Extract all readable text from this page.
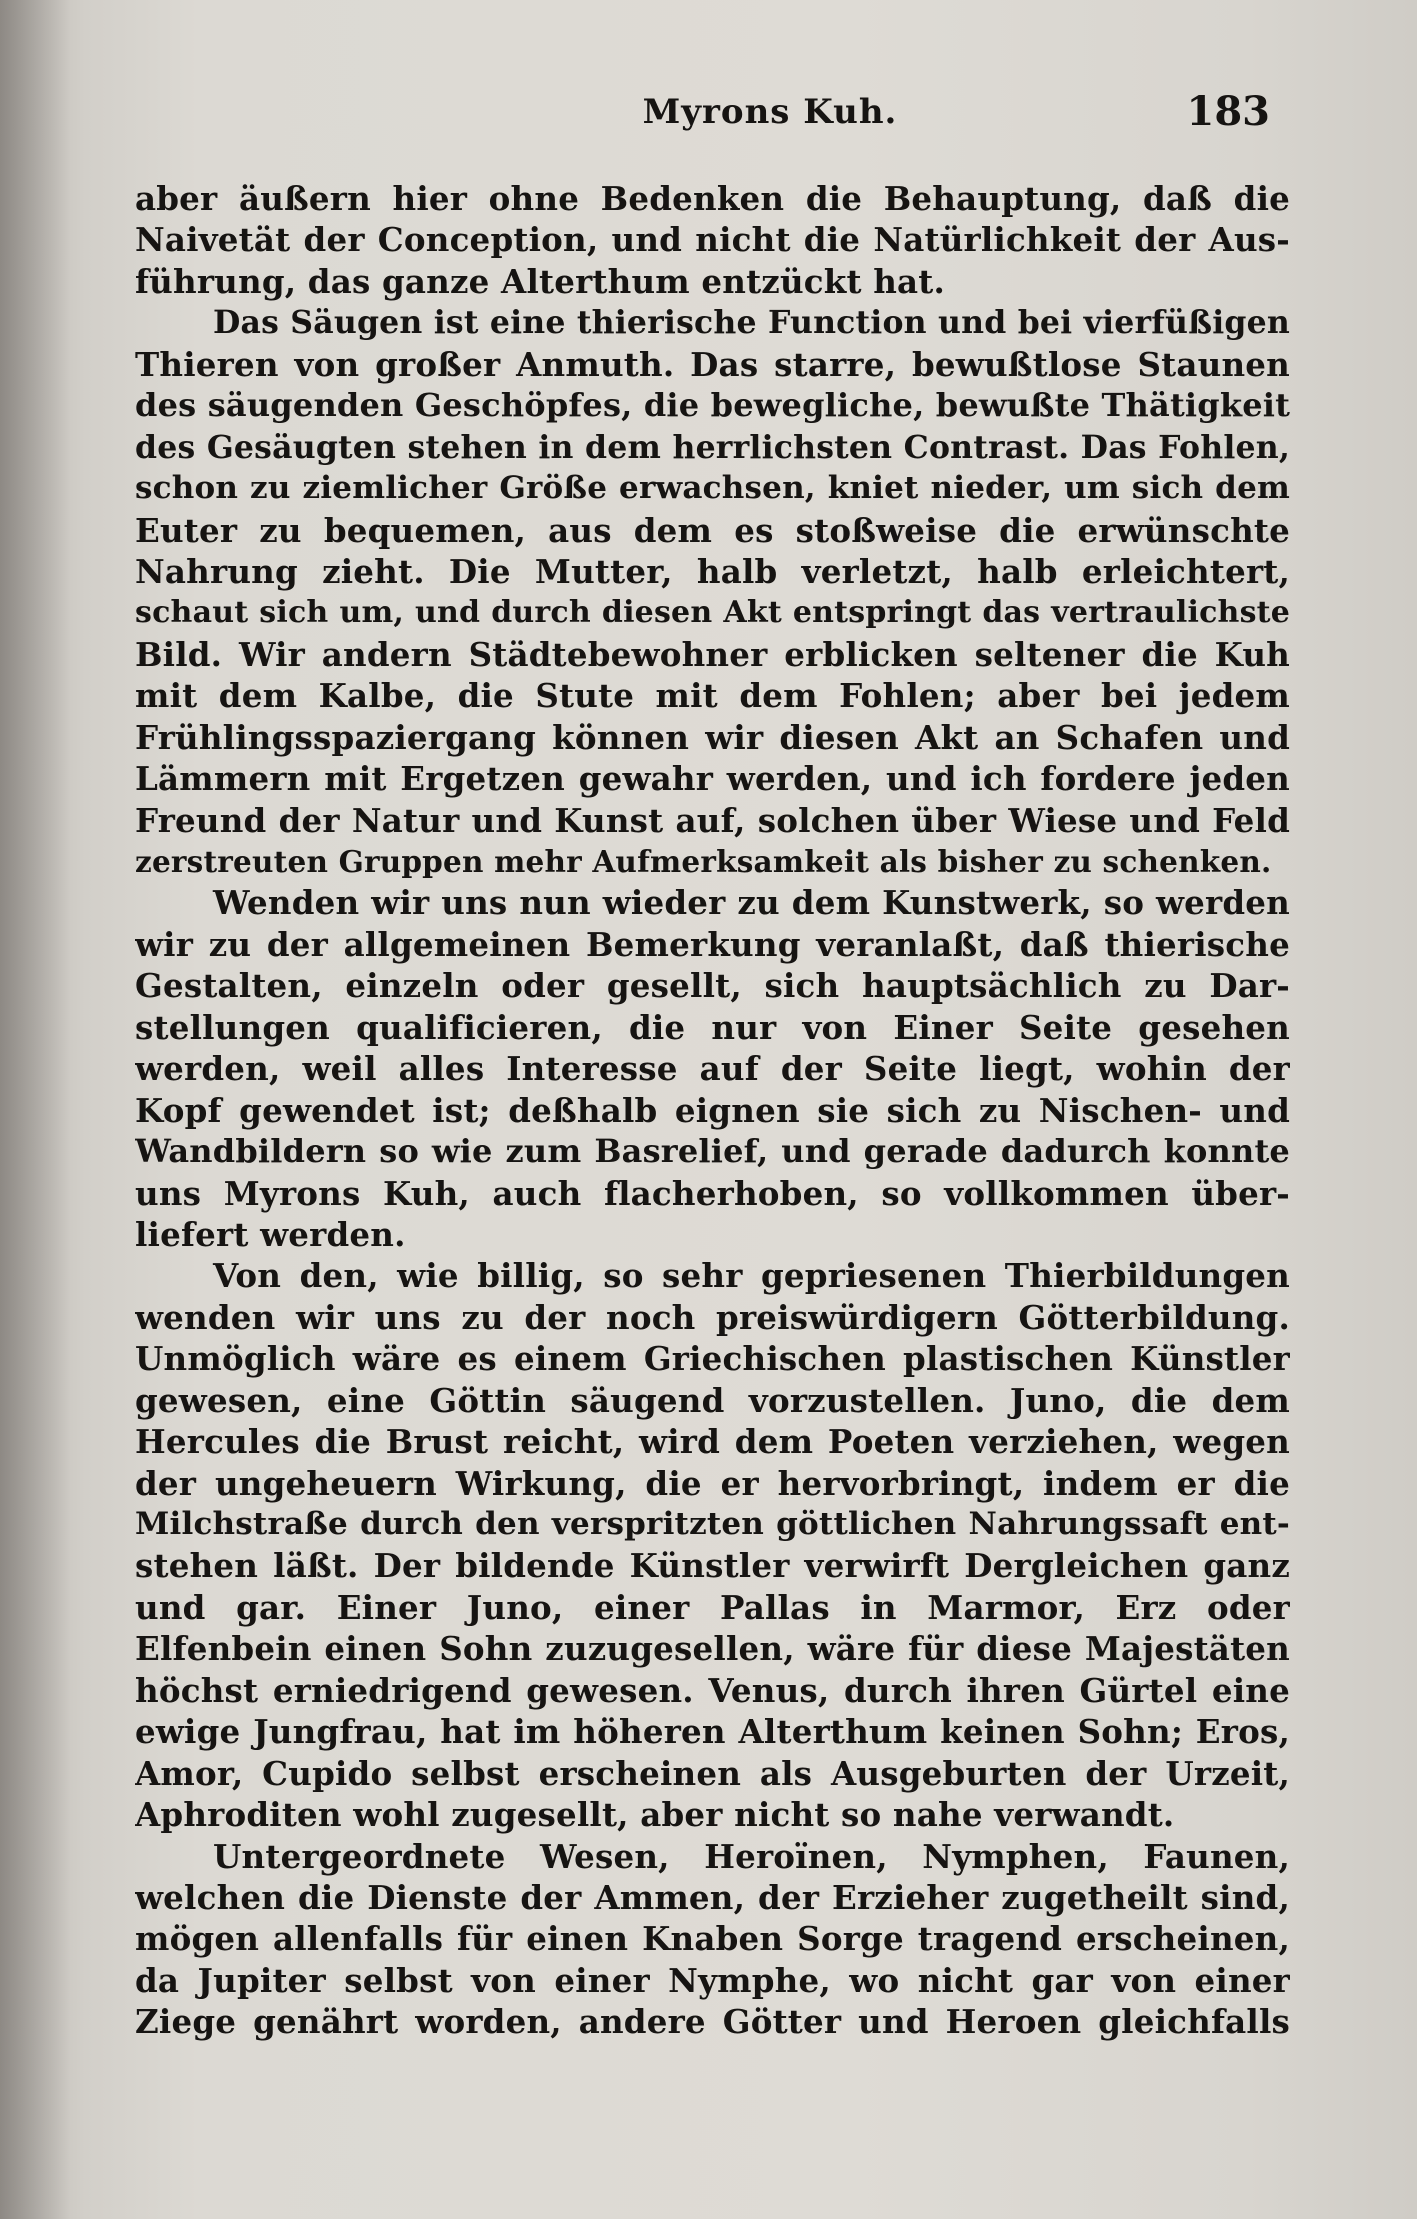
Myrons Kuh.	183
aber äußern hier ohne Bedenken die Behauptung, daß die
Naivetät der Conception, und nicht die Natürlichkeit der Aus-
führung, das ganze Alterthum entzückt hat.
Das Säugen ist eine thierische Function und bei vierfüßigen
Thieren von großer Anmuth. Das starre, bewußtlose Staunen
des säugenden Geschöpfes, die bewegliche, bewußte Thätigkeit
des Gesäugten stehen in dem herrlichsten Contrast. Das Fohlen,
schon zu ziemlicher Größe erwachsen, kniet nieder, um sich dem
Euter zu bequemen, aus dem es stoßweise die erwünschte
Nahrung zieht. Die Mutter, halb verletzt, halb erleichtert,
schaut sich um, und durch diesen Akt entspringt das vertraulichste
Bild. Wir andern Städtebewohner erblicken seltener die Kuh
mit dem Kalbe, die Stute mit dem Fohlen; aber bei jedem
Frühlingsspaziergang können wir diesen Akt an Schafen und
Lämmern mit Ergetzen gewahr werden, und ich fordere jeden
Freund der Natur und Kunst auf, solchen über Wiese und Feld
zerstreuten Gruppen mehr Aufmerksamkeit als bisher zu schenken.
Wenden wir uns nun wieder zu dem Kunstwerk, so werden
wir zu der allgemeinen Bemerkung veranlaßt, daß thierische
Gestalten, einzeln oder gesellt, sich hauptsächlich zu Dar-
stellungen qualificieren, die nur von Einer Seite gesehen
werden, weil alles Interesse auf der Seite liegt, wohin der
Kopf gewendet ist; deßhalb eignen sie sich zu Nischen- und
Wandbildern so wie zum Basrelief, und gerade dadurch konnte
uns Myrons Kuh, auch flacherhoben, so vollkommen über-
liefert werden.
Von den, wie billig, so sehr gepriesenen Thierbildungen
wenden wir uns zu der noch preiswürdigern Götterbildung.
Unmöglich wäre es einem Griechischen plastischen Künstler
gewesen, eine Göttin säugend vorzustellen. Juno, die dem
Hercules die Brust reicht, wird dem Poeten verziehen, wegen
der ungeheuern Wirkung, die er hervorbringt, indem er die
Milchstraße durch den verspritzten göttlichen Nahrungssaft ent-
stehen läßt. Der bildende Künstler verwirft Dergleichen ganz
und gar. Einer Juno, einer Pallas in Marmor, Erz oder
Elfenbein einen Sohn zuzugesellen, wäre für diese Majestäten
höchst erniedrigend gewesen. Venus, durch ihren Gürtel eine
ewige Jungfrau, hat im höheren Alterthum keinen Sohn; Eros,
Amor, Cupido selbst erscheinen als Ausgeburten der Urzeit,
Aphroditen wohl zugesellt, aber nicht so nahe verwandt.
Untergeordnete Wesen, Heroïnen, Nymphen, Faunen,
welchen die Dienste der Ammen, der Erzieher zugetheilt sind,
mögen allenfalls für einen Knaben Sorge tragend erscheinen,
da Jupiter selbst von einer Nymphe, wo nicht gar von einer
Ziege genährt worden, andere Götter und Heroen gleichfalls
